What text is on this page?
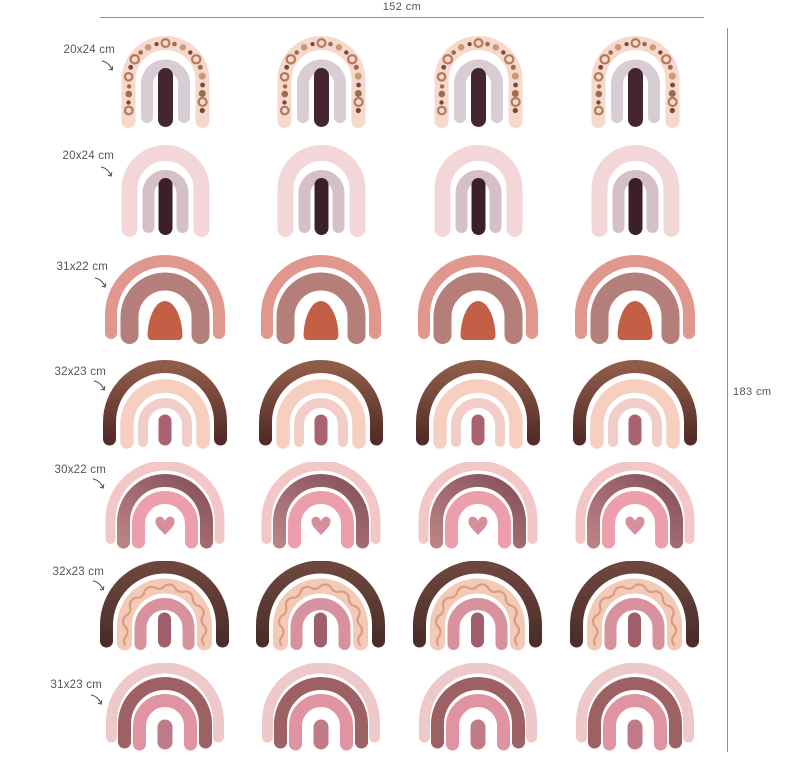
152 cm
183 cm
20x24 cm
20x24 cm
31x22 cm
32x23 cm
30x22 cm
32x23 cm
31x23 cm
